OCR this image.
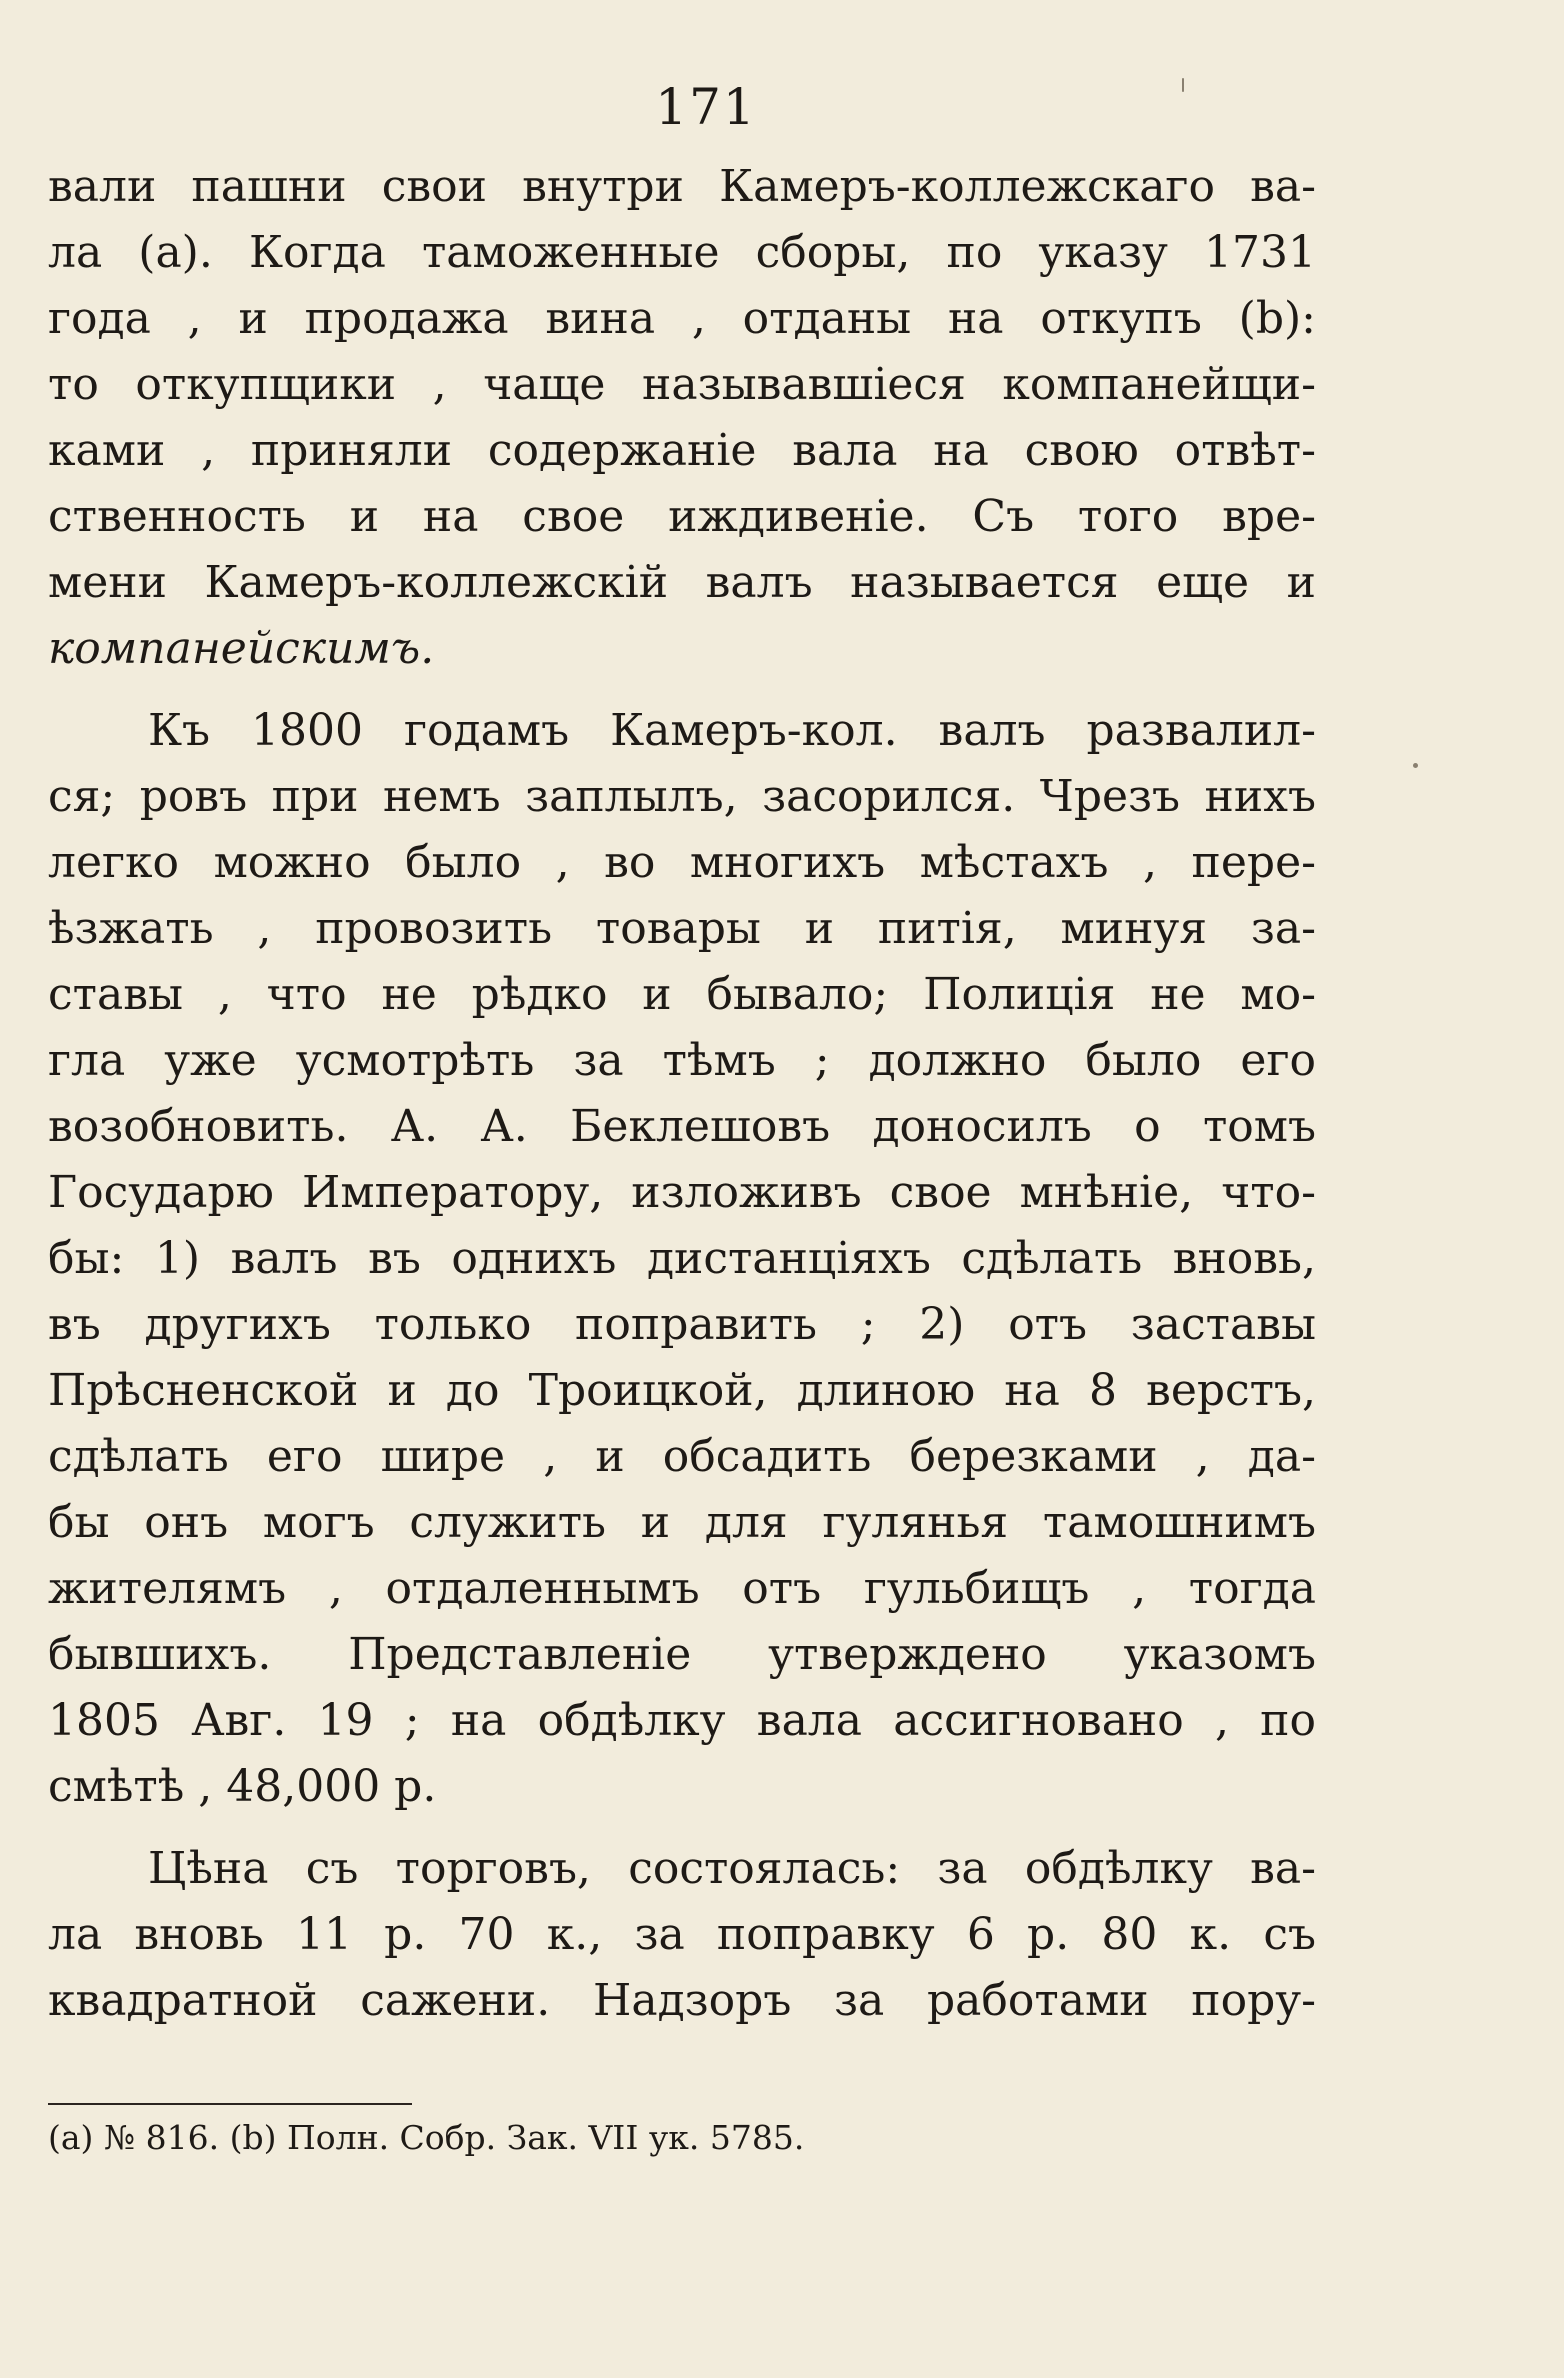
171
вали пашни свои внутри Камеръ-коллежскаго ва-
ла (а). Когда таможенные сборы, по указу 1731
года , и продажа вина , отданы на откупъ (b):
то откупщики , чаще называвшіеся компанейщи-
ками , приняли содержаніе вала на свою отвѣт-
ственность и на свое иждивеніе. Съ того вре-
мени Камеръ-коллежскій валъ называется еще и
компанейскимъ.
Къ 1800 годамъ Камеръ-кол. валъ развалил-
ся; ровъ при немъ заплылъ, засорился. Чрезъ нихъ
легко можно было , во многихъ мѣстахъ , пере-
ѣзжать , провозить товары и питія, минуя за-
ставы , что не рѣдко и бывало; Полиція не мо-
гла уже усмотрѣть за тѣмъ ; должно было его
возобновить. А. А. Беклешовъ доносилъ о томъ
Государю Императору, изложивъ свое мнѣніе, чтo-
бы: 1) валъ въ однихъ дистанціяхъ сдѣлать вновь,
въ другихъ только поправить ; 2) отъ заставы
Прѣсненской и до Троицкой, длиною на 8 верстъ,
сдѣлать его шире , и обсадить березками , да-
бы онъ могъ служить и для гулянья тамошнимъ
жителямъ , отдаленнымъ отъ гульбищъ , тогда
бывшихъ. Представленіе утверждено указомъ
1805 Авг. 19 ; на обдѣлку вала ассигновано , по
смѣтѣ , 48,000 р.
Цѣна съ торговъ, состоялась: за обдѣлку ва-
ла вновь 11 р. 70 к., за поправку 6 р. 80 к. съ
квадратной сажени. Надзоръ за работами пору-
(а) № 816. (b) Полн. Собр. Зак. VII ук. 5785.
